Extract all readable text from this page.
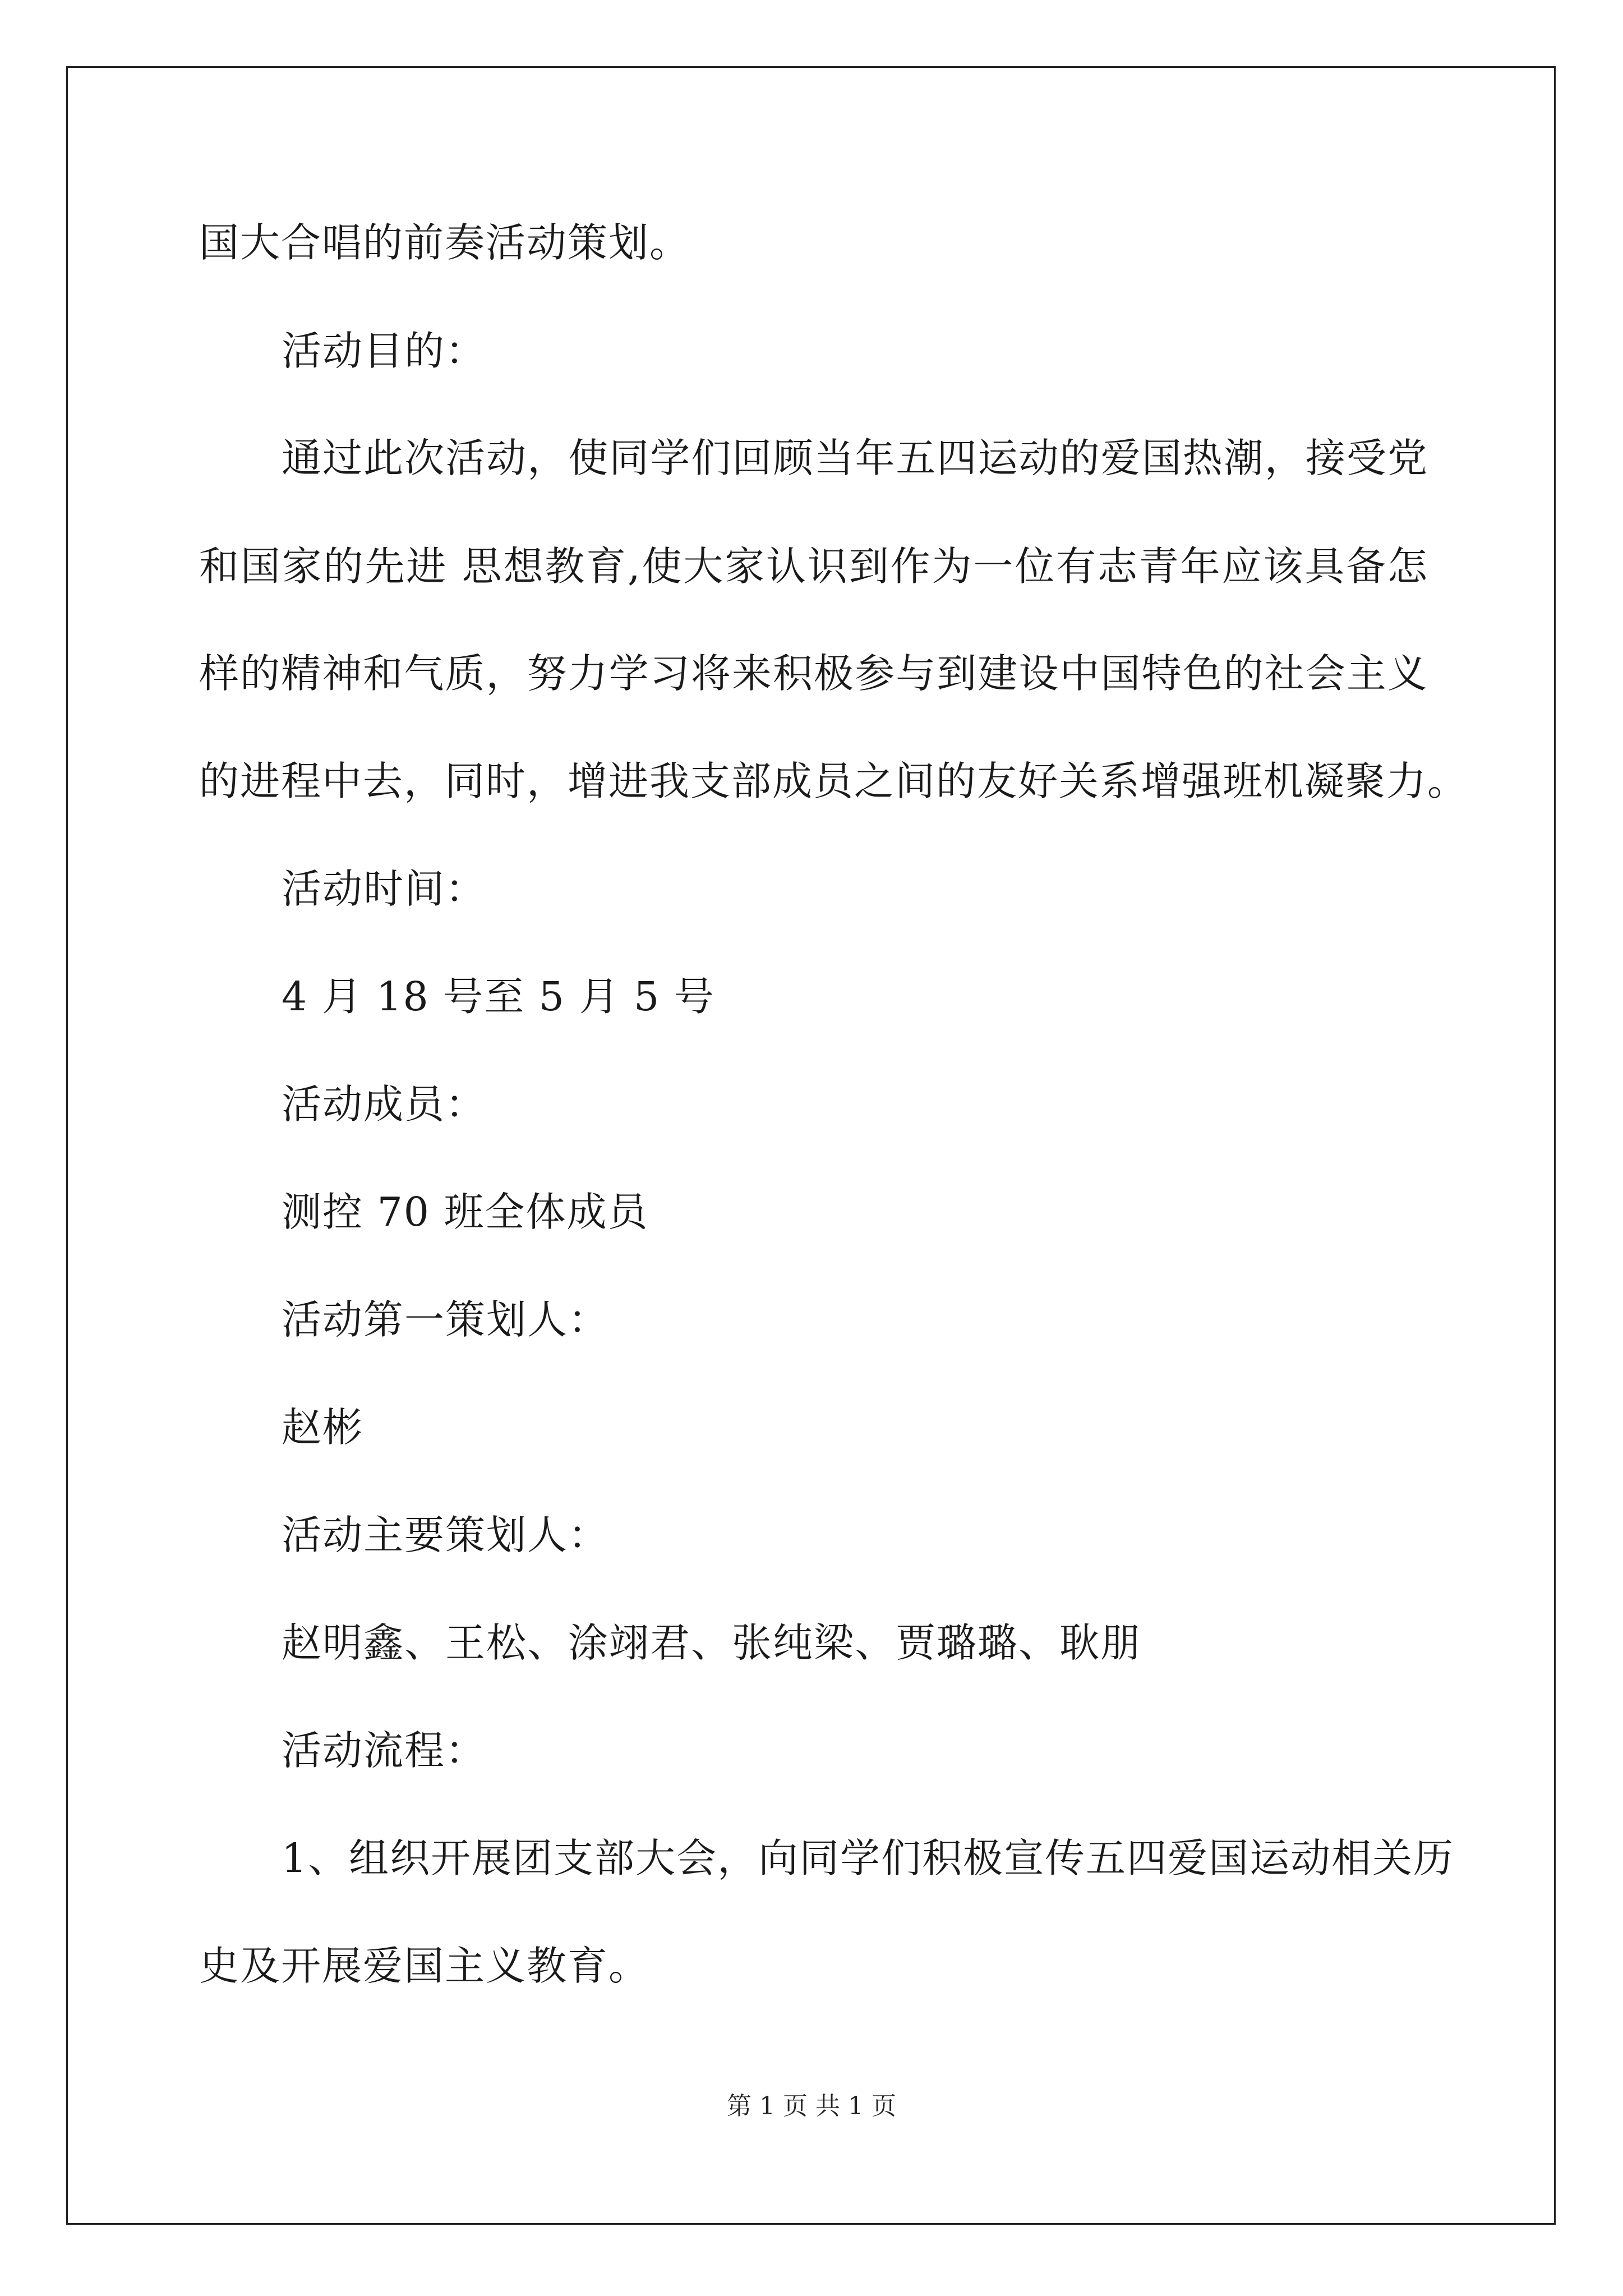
国大合唱的前奏活动策划。
活动目的：
通过此次活动，使同学们回顾当年五四运动的爱国热潮，接受党
和国家的先进 思想教育,使大家认识到作为一位有志青年应该具备怎
样的精神和气质，努力学习将来积极参与到建设中国特色的社会主义
的进程中去，同时，增进我支部成员之间的友好关系增强班机凝聚力。
活动时间：
4 月 18 号至 5 月 5 号
活动成员：
测控 70 班全体成员
活动第一策划人：
赵彬
活动主要策划人：
赵明鑫、王松、涂翊君、张纯梁、贾璐璐、耿朋
活动流程：
1、组织开展团支部大会，向同学们积极宣传五四爱国运动相关历
史及开展爱国主义教育。
第 1 页 共 1 页
